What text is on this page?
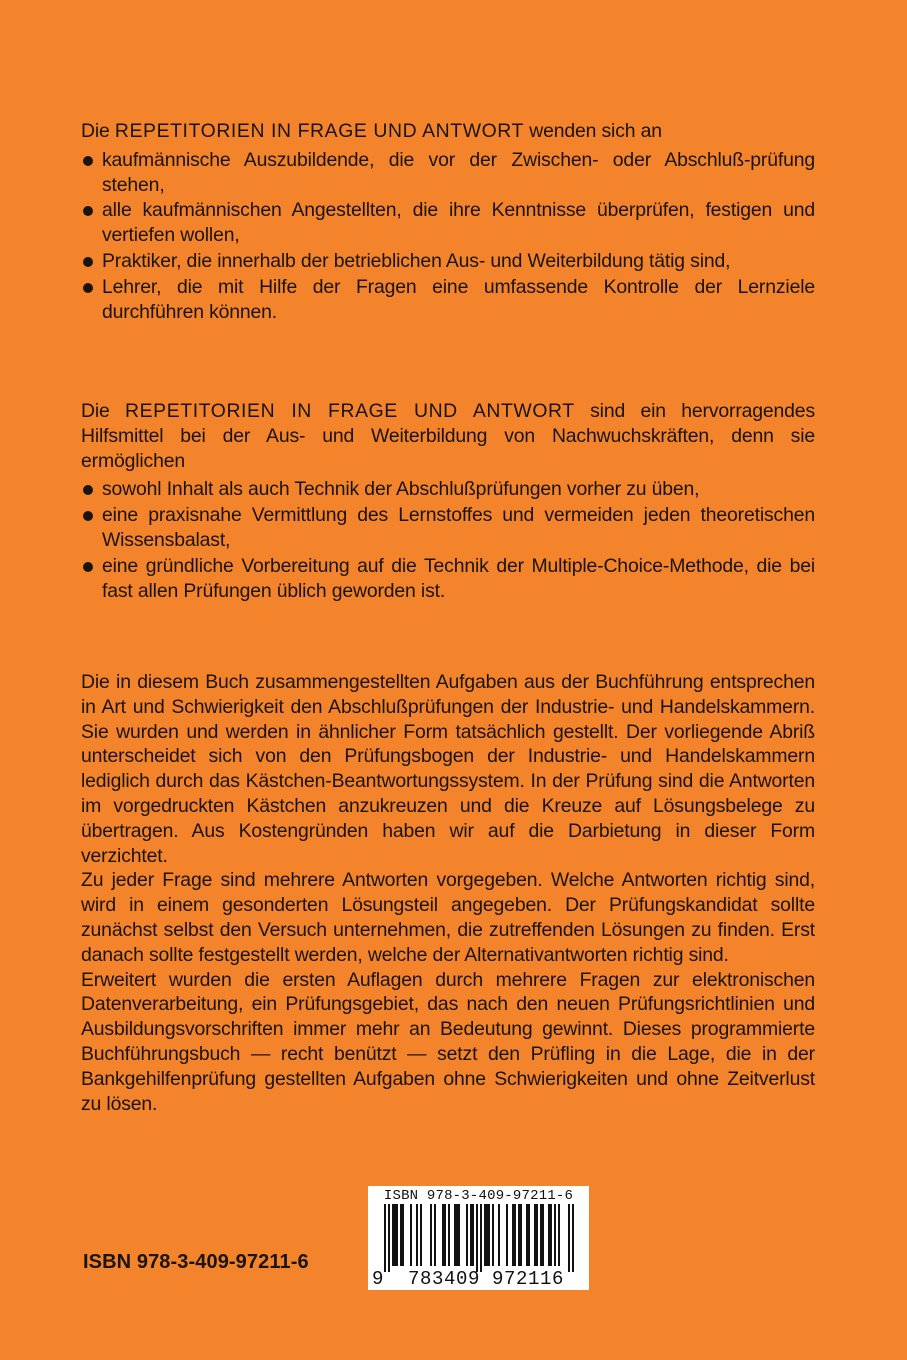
Die REPETITORIEN IN FRAGE UND ANTWORT wenden sich an

kaufmännische Auszubildende, die vor der Zwischen- oder Abschluß-prüfung stehen,
alle kaufmännischen Angestellten, die ihre Kenntnisse überprüfen, festigen und vertiefen wollen,
Praktiker, die innerhalb der betrieblichen Aus- und Weiterbildung tätig sind,
Lehrer, die mit Hilfe der Fragen eine umfassende Kontrolle der Lernziele durchführen können.

Die REPETITORIEN IN FRAGE UND ANTWORT sind ein hervorragendes Hilfsmittel bei der Aus- und Weiterbildung von Nachwuchskräften, denn sie ermöglichen

sowohl Inhalt als auch Technik der Abschlußprüfungen vorher zu üben,
eine praxisnahe Vermittlung des Lernstoffes und vermeiden jeden theoretischen Wissensbalast,
eine gründliche Vorbereitung auf die Technik der Multiple-Choice-Methode, die bei fast allen Prüfungen üblich geworden ist.

Die in diesem Buch zusammengestellten Aufgaben aus der Buchführung entsprechen in Art und Schwierigkeit den Abschlußprüfungen der Industrie- und Handelskammern. Sie wurden und werden in ähnlicher Form tatsächlich gestellt. Der vorliegende Abriß unterscheidet sich von den Prüfungsbogen der Industrie- und Handelskammern lediglich durch das Kästchen-Beantwortungssystem. In der Prüfung sind die Antworten im vorgedruckten Kästchen anzukreuzen und die Kreuze auf Lösungsbelege zu übertragen. Aus Kostengründen haben wir auf die Darbietung in dieser Form verzichtet.

Zu jeder Frage sind mehrere Antworten vorgegeben. Welche Antworten richtig sind, wird in einem gesonderten Lösungsteil angegeben. Der Prüfungskandidat sollte zunächst selbst den Versuch unternehmen, die zutreffenden Lösungen zu finden. Erst danach sollte festgestellt werden, welche der Alternativantworten richtig sind.

Erweitert wurden die ersten Auflagen durch mehrere Fragen zur elektronischen Datenverarbeitung, ein Prüfungsgebiet, das nach den neuen Prüfungsrichtlinien und Ausbildungsvorschriften immer mehr an Bedeutung gewinnt. Dieses programmierte Buchführungsbuch — recht benützt — setzt den Prüfling in die Lage, die in der Bankgehilfenprüfung gestellten Aufgaben ohne Schwierigkeiten und ohne Zeitverlust zu lösen.

ISBN 978-3-409-97211-6
ISBN 978-3-409-97211-6
9	783409 972116
